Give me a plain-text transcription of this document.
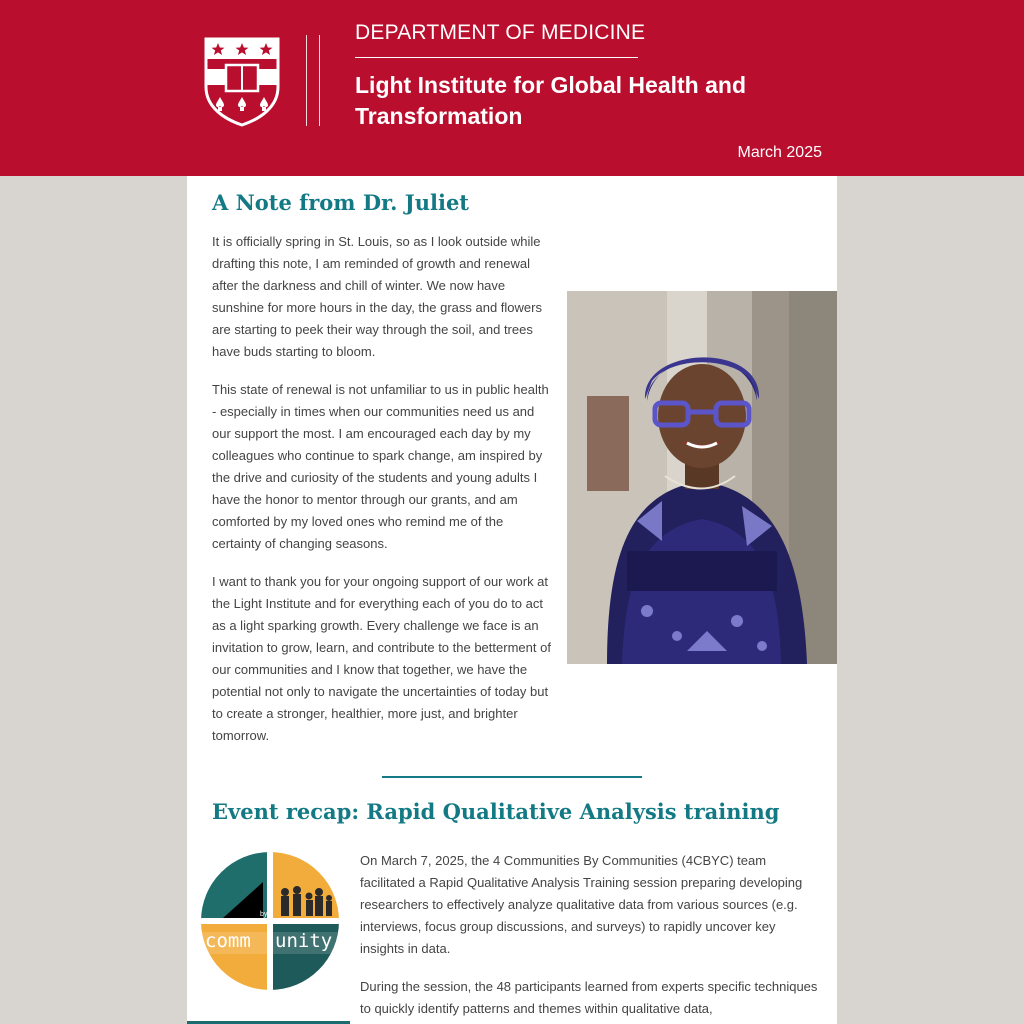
DEPARTMENT OF MEDICINE
Light Institute for Global Health and Transformation
March 2025
A Note from Dr. Juliet

It is officially spring in St. Louis, so as I look outside while drafting this note, I am reminded of growth and renewal after the darkness and chill of winter. We now have sunshine for more hours in the day, the grass and flowers are starting to peek their way through the soil, and trees have buds starting to bloom.

This state of renewal is not unfamiliar to us in public health - especially in times when our communities need us and our support the most. I am encouraged each day by my colleagues who continue to spark change, am inspired by the drive and curiosity of the students and young adults I have the honor to mentor through our grants, and am comforted by my loved ones who remind me of the certainty of changing seasons.

I want to thank you for your ongoing support of our work at the Light Institute and for everything each of you do to act as a light sparking growth. Every challenge we face is an invitation to grow, learn, and contribute to the betterment of our communities and I know that together, we have the potential not only to navigate the uncertainties of today but to create a stronger, healthier, more just, and brighter tomorrow.

Event recap: Rapid Qualitative Analysis training
by
comm unity

On March 7, 2025, the 4 Communities By Communities (4CBYC) team facilitated a Rapid Qualitative Analysis Training session preparing developing researchers to effectively analyze qualitative data from various sources (e.g. interviews, focus group discussions, and surveys) to rapidly uncover key insights in data.

During the session, the 48 participants learned from experts specific techniques to quickly identify patterns and themes within qualitative data,
